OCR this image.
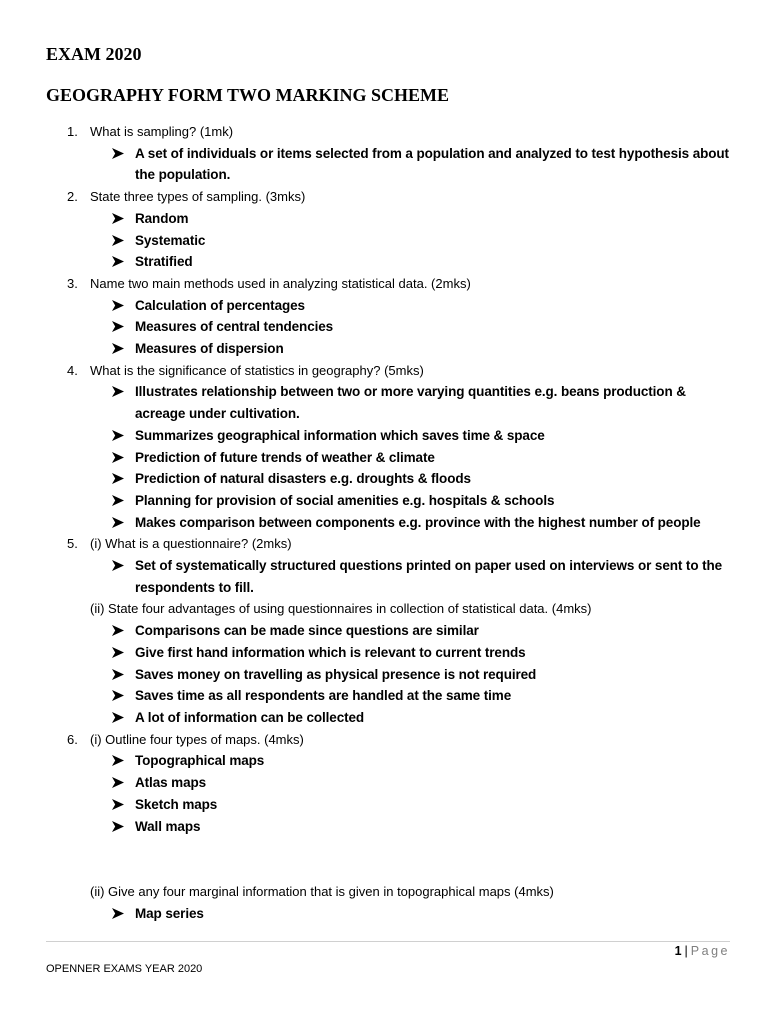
EXAM 2020
GEOGRAPHY FORM TWO MARKING SCHEME
1. What is sampling? (1mk)
A set of individuals or items selected from a population and analyzed to test hypothesis about the population.
2. State three types of sampling. (3mks)
Random
Systematic
Stratified
3. Name two main methods used in analyzing statistical data. (2mks)
Calculation of percentages
Measures of central tendencies
Measures of dispersion
4. What is the significance of statistics in geography? (5mks)
Illustrates relationship between two or more varying quantities e.g. beans production & acreage under cultivation.
Summarizes geographical information which saves time & space
Prediction of future trends of weather & climate
Prediction of natural disasters e.g. droughts & floods
Planning for provision of social amenities e.g. hospitals & schools
Makes comparison between components e.g. province with the highest number of people
5. (i) What is a questionnaire? (2mks)
Set of systematically structured questions printed on paper used on interviews or sent to the respondents to fill.
(ii) State four advantages of using questionnaires in collection of statistical data. (4mks)
Comparisons can be made since questions are similar
Give first hand information which is relevant to current trends
Saves money on travelling as physical presence is not required
Saves time as all respondents are handled at the same time
A lot of information can be collected
6. (i) Outline four types of maps. (4mks)
Topographical maps
Atlas maps
Sketch maps
Wall maps
(ii) Give any four marginal information that is given in topographical maps (4mks)
Map series
1 | Page
OPENNER EXAMS YEAR 2020
